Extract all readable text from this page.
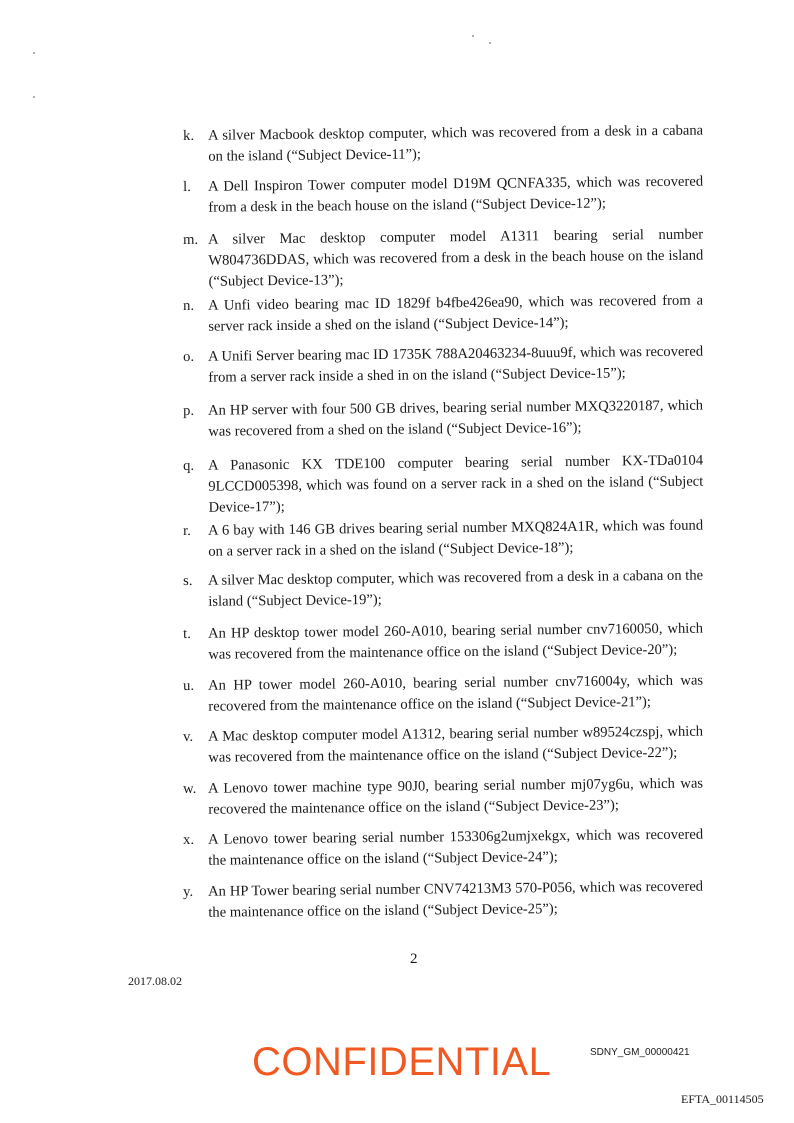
k. A silver Macbook desktop computer, which was recovered from a desk in a cabana on the island (“Subject Device-11”);
l. A Dell Inspiron Tower computer model D19M QCNFA335, which was recovered from a desk in the beach house on the island (“Subject Device-12”);
m. A silver Mac desktop computer model A1311 bearing serial number W804736DDAS, which was recovered from a desk in the beach house on the island (“Subject Device-13”);
n. A Unfi video bearing mac ID 1829f b4fbe426ea90, which was recovered from a server rack inside a shed on the island (“Subject Device-14”);
o. A Unifi Server bearing mac ID 1735K 788A20463234-8uuu9f, which was recovered from a server rack inside a shed in on the island (“Subject Device-15”);
p. An HP server with four 500 GB drives, bearing serial number MXQ3220187, which was recovered from a shed on the island (“Subject Device-16”);
q. A Panasonic KX TDE100 computer bearing serial number KX-TDa0104 9LCCD005398, which was found on a server rack in a shed on the island (“Subject Device-17”);
r. A 6 bay with 146 GB drives bearing serial number MXQ824A1R, which was found on a server rack in a shed on the island (“Subject Device-18”);
s. A silver Mac desktop computer, which was recovered from a desk in a cabana on the island (“Subject Device-19”);
t. An HP desktop tower model 260-A010, bearing serial number cnv7160050, which was recovered from the maintenance office on the island (“Subject Device-20”);
u. An HP tower model 260-A010, bearing serial number cnv716004y, which was recovered from the maintenance office on the island (“Subject Device-21”);
v. A Mac desktop computer model A1312, bearing serial number w89524czspj, which was recovered from the maintenance office on the island (“Subject Device-22”);
w. A Lenovo tower machine type 90J0, bearing serial number mj07yg6u, which was recovered the maintenance office on the island (“Subject Device-23”);
x. A Lenovo tower bearing serial number 153306g2umjxekgx, which was recovered the maintenance office on the island (“Subject Device-24”);
y. An HP Tower bearing serial number CNV74213M3 570-P056, which was recovered the maintenance office on the island (“Subject Device-25”);
2
2017.08.02
CONFIDENTIAL	SDNY_GM_00000421
EFTA_00114505
